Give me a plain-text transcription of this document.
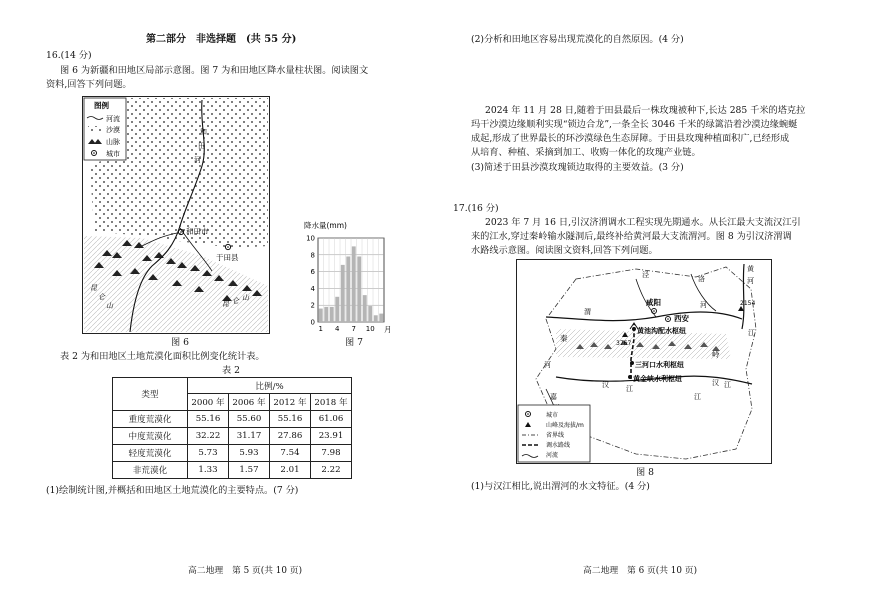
第二部分　非选择题　(共 55 分)
16.(14 分)
图 6 为新疆和田地区局部示意图。图 7 为和田地区降水量柱状图。阅读图文
资料,回答下列问题。
图例
河流
沙漠
山脉
城市
和田市
于田县
和
田
河
昆
仑
山	昆 仑 山
图 6
降水量(mm)
0
2
4
6
8
10
1 4 7 10 月
图 7
表 2 为和田地区土地荒漠化面积比例变化统计表。
表 2
类型	比例/%			
	2000 年	2006 年	2012 年	2018 年
重度荒漠化	55.16	55.60	55.16	61.06
中度荒漠化	32.22	31.17	27.86	23.91
轻度荒漠化	5.73	5.93	7.54	7.98
非荒漠化	1.33	1.57	2.01	2.22
(1)绘制统计图,并概括和田地区土地荒漠化的主要特点。(7 分)
高二地理　第 5 页(共 10 页)
(2)分析和田地区容易出现荒漠化的自然原因。(4 分)
2024 年 11 月 28 日,随着于田县最后一株玫瑰被种下,长达 285 千米的塔克拉
玛干沙漠边缘顺利实现“锁边合龙”,一条全长 3046 千米的绿篱沿着沙漠边缘蜿蜒
成起,形成了世界最长的环沙漠绿色生态屏障。于田县玫瑰种植面积广,已经形成
从培育、种植、采摘到加工、收购一体化的玫瑰产业链。
(3)简述于田县沙漠玫瑰锁边取得的主要效益。(3 分)
17.(16 分)
2023 年 7 月 16 日,引汉济渭调水工程实现先期通水。从长江最大支流汉江引
来的江水,穿过秦岭输水隧洞后,最终补给黄河最大支流渭河。图 8 为引汉济渭调
水路线示意图。阅读图文资料,回答下列问题。
西安
咸阳
黄池沟配水枢纽
三河口水利枢纽
黄金峡水利枢纽
3767
2154
渭
河
泾	洛
黄
河
秦
岭
汉 江
汉 江
嘉
河
江
江
城市
山峰及海拔/m
省界线
调水路线
河流
图 8
(1)与汉江相比,说出渭河的水文特征。(4 分)
高二地理　第 6 页(共 10 页)
